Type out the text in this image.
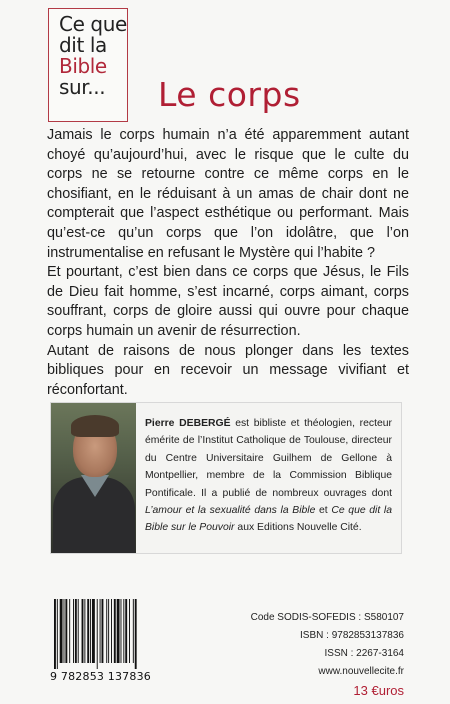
Ce que
dit la
Bible
sur...	Le corps

Jamais le corps humain n’a été apparemment autant choyé qu’aujourd’hui, avec le risque que le culte du corps ne se retourne contre ce même corps en le chosifiant, en le réduisant à un amas de chair dont ne compterait que l’aspect esthétique ou performant. Mais qu’est-ce qu’un corps que l’on idolâtre, que l’on instrumentalise en refusant le Mystère qui l’habite ?

Et pourtant, c’est bien dans ce corps que Jésus, le Fils de Dieu fait homme, s’est incarné, corps aimant, corps souffrant, corps de gloire aussi qui ouvre pour chaque corps humain un avenir de résurrection.

Autant de raisons de nous plonger dans les textes bibliques pour en recevoir un message vivifiant et réconfortant.

Pierre DEBERGÉ est bibliste et théologien, recteur émérite de l’Institut Catholique de Toulouse, directeur du Centre Universitaire Guilhem de Gellone à Montpellier, membre de la Commission Biblique Pontificale. Il a publié de nombreux ouvrages dont L’amour et la sexualité dans la Bible et Ce que dit la Bible sur le Pouvoir aux Editions Nouvelle Cité.
9 782853 137836
Code SODIS-SOFEDIS : S580107
ISBN : 9782853137836
ISSN : 2267-3164
www.nouvellecite.fr
13 €uros
